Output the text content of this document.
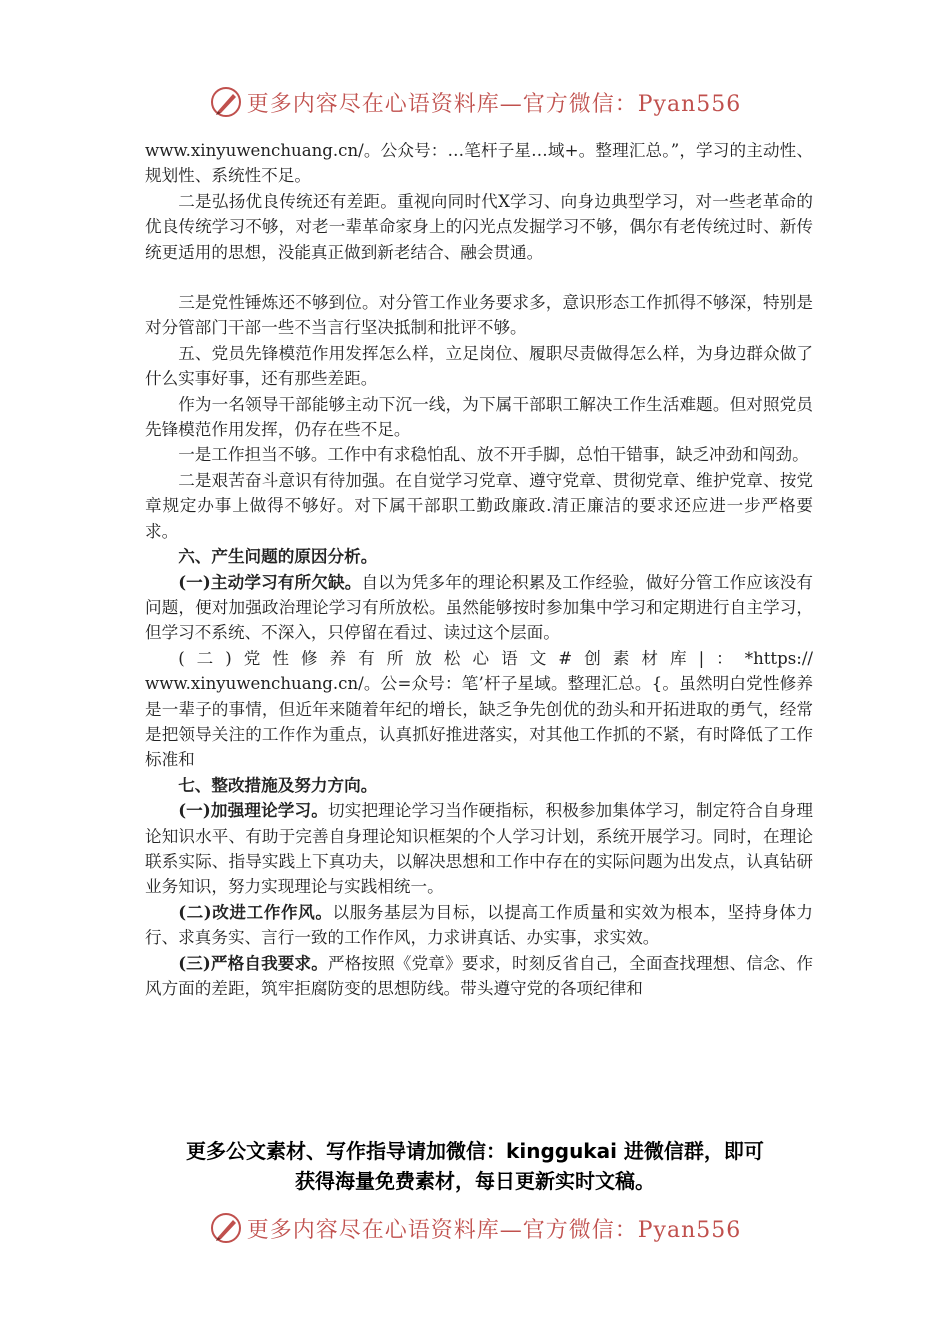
更多内容尽在心语资料库—官方微信：Pyan556

www.xinyuwenchuang.cn/。公众号：…笔杆子星…域+。整理汇总。”，学习的主动性、规划性、系统性不足。

二是弘扬优良传统还有差距。重视向同时代X学习、向身边典型学习，对一些老革命的优良传统学习不够，对老一辈革命家身上的闪光点发掘学习不够，偶尔有老传统过时、新传统更适用的思想，没能真正做到新老结合、融会贯通。

三是党性锤炼还不够到位。对分管工作业务要求多，意识形态工作抓得不够深，特别是对分管部门干部一些不当言行坚决抵制和批评不够。

五、党员先锋模范作用发挥怎么样，立足岗位、履职尽责做得怎么样，为身边群众做了什么实事好事，还有那些差距。

作为一名领导干部能够主动下沉一线，为下属干部职工解决工作生活难题。但对照党员先锋模范作用发挥，仍存在些不足。

一是工作担当不够。工作中有求稳怕乱、放不开手脚，总怕干错事，缺乏冲劲和闯劲。

二是艰苦奋斗意识有待加强。在自觉学习党章、遵守党章、贯彻党章、维护党章、按党章规定办事上做得不够好。对下属干部职工勤政廉政.清正廉洁的要求还应进一步严格要求。

六、产生问题的原因分析。

(一)主动学习有所欠缺。自以为凭多年的理论积累及工作经验，做好分管工作应该没有问题，便对加强政治理论学习有所放松。虽然能够按时参加集中学习和定期进行自主学习，但学习不系统、不深入，只停留在看过、读过这个层面。

(二)党性修养有所放松心语文#创素材库|：*https://

www.xinyuwenchuang.cn/。公=众号：笔’杆子星域。整理汇总。{。虽然明白党性修养是一辈子的事情，但近年来随着年纪的增长，缺乏争先创优的劲头和开拓进取的勇气，经常是把领导关注的工作作为重点，认真抓好推进落实，对其他工作抓的不紧，有时降低了工作标准和

七、整改措施及努力方向。

(一)加强理论学习。切实把理论学习当作硬指标，积极参加集体学习，制定符合自身理论知识水平、有助于完善自身理论知识框架的个人学习计划，系统开展学习。同时，在理论联系实际、指导实践上下真功夫，以解决思想和工作中存在的实际问题为出发点，认真钻研业务知识，努力实现理论与实践相统一。

(二)改进工作作风。以服务基层为目标，以提高工作质量和实效为根本，坚持身体力行、求真务实、言行一致的工作作风，力求讲真话、办实事，求实效。

(三)严格自我要求。严格按照《党章》要求，时刻反省自己，全面查找理想、信念、作风方面的差距，筑牢拒腐防变的思想防线。带头遵守党的各项纪律和

更多公文素材、写作指导请加微信：kinggukai 进微信群，即可
获得海量免费素材，每日更新实时文稿。
更多内容尽在心语资料库—官方微信：Pyan556
